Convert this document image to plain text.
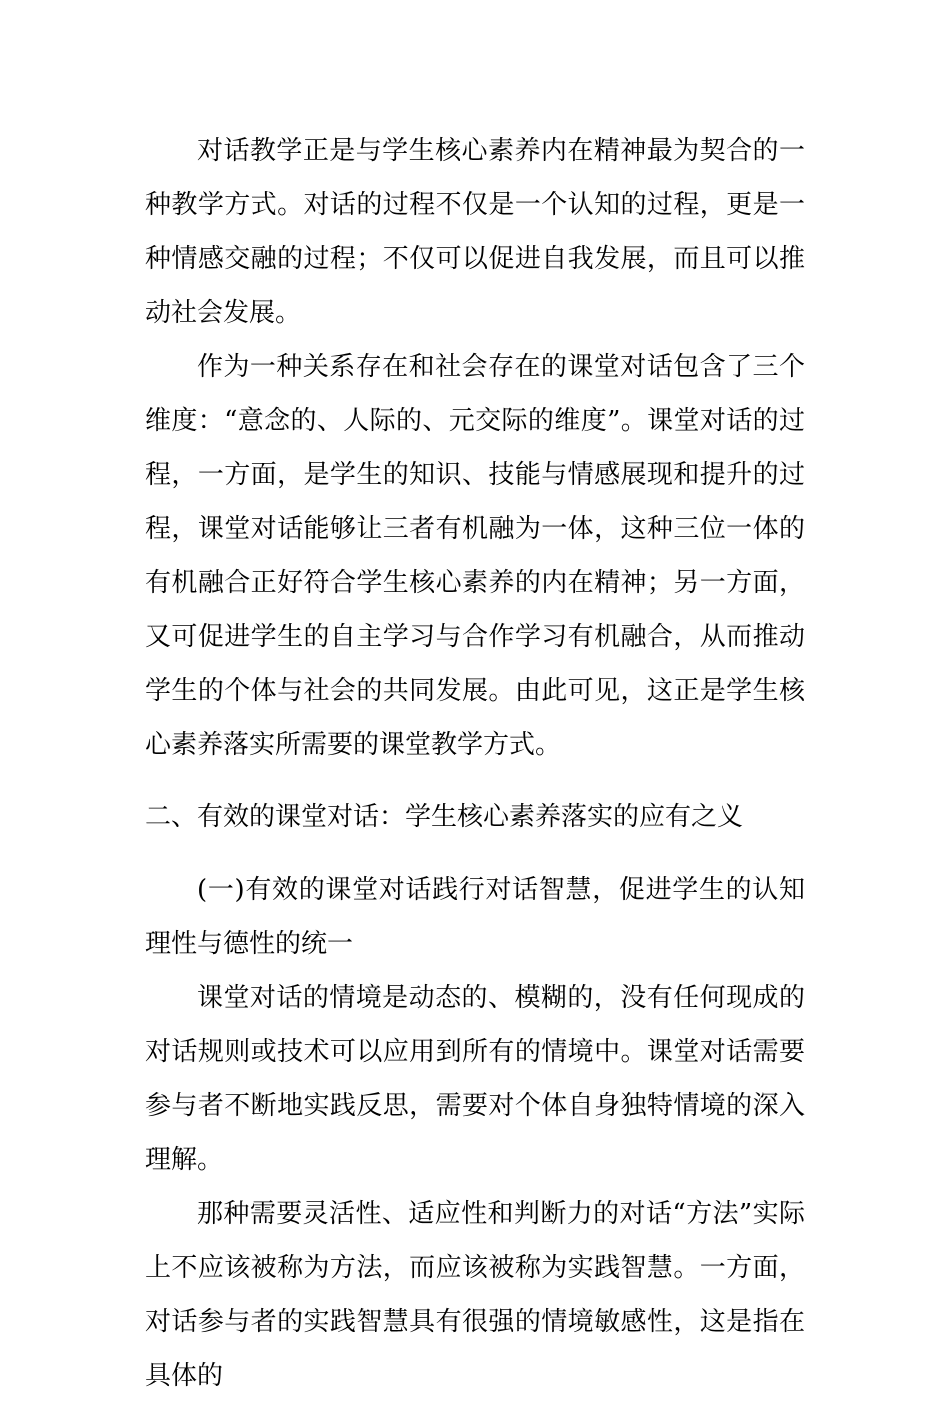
对话教学正是与学生核心素养内在精神最为契合的一种教学方式。对话的过程不仅是一个认知的过程，更是一种情感交融的过程；不仅可以促进自我发展，而且可以推动社会发展。

作为一种关系存在和社会存在的课堂对话包含了三个维度：“意念的、人际的、元交际的维度”。课堂对话的过程，一方面，是学生的知识、技能与情感展现和提升的过程，课堂对话能够让三者有机融为一体，这种三位一体的有机融合正好符合学生核心素养的内在精神；另一方面，又可促进学生的自主学习与合作学习有机融合，从而推动学生的个体与社会的共同发展。由此可见，这正是学生核心素养落实所需要的课堂教学方式。

二、有效的课堂对话：学生核心素养落实的应有之义

(一)有效的课堂对话践行对话智慧，促进学生的认知理性与德性的统一

课堂对话的情境是动态的、模糊的，没有任何现成的对话规则或技术可以应用到所有的情境中。课堂对话需要参与者不断地实践反思，需要对个体自身独特情境的深入理解。

那种需要灵活性、适应性和判断力的对话“方法”实际上不应该被称为方法，而应该被称为实践智慧。一方面，对话参与者的实践智慧具有很强的情境敏感性，这是指在具体的
